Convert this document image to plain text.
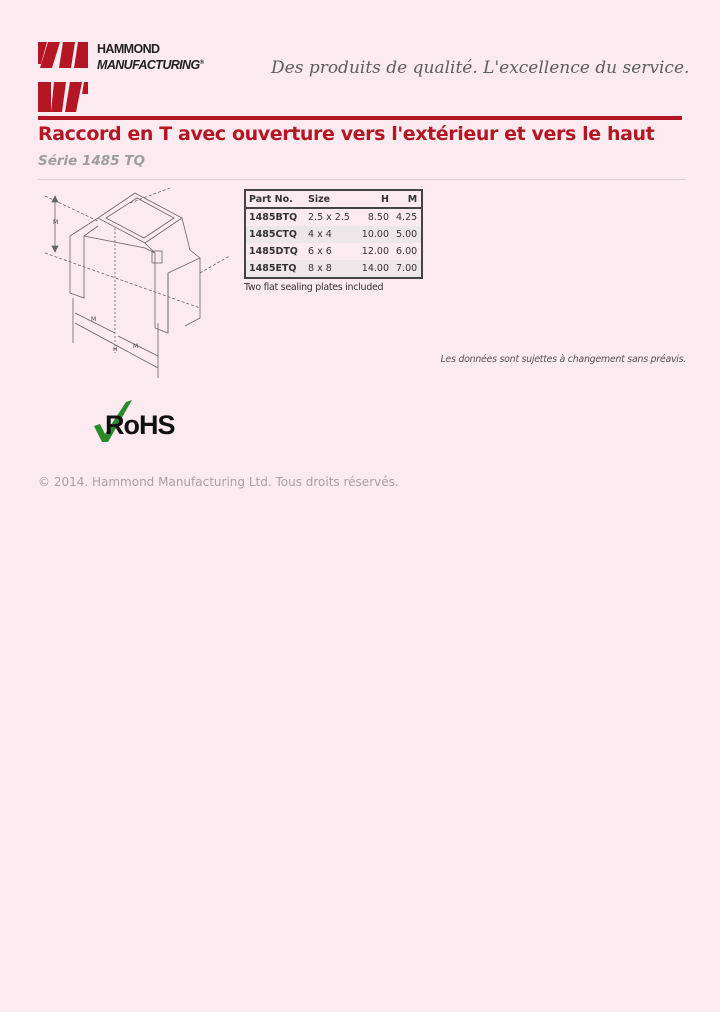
HAMMOND
MANUFACTURING®	Des produits de qualité. L'excellence du service.
Raccord en T avec ouverture vers l'extérieur et vers le haut
Série 1485 TQ
M
M
H	M
Part No.	Size	H	M
1485BTQ	2.5 x 2.5	8.50	4.25
1485CTQ	4 x 4	10.00	5.00
1485DTQ	6 x 6	12.00	6.00
1485ETQ	8 x 8	14.00	7.00
Two flat sealing plates included
Les données sont sujettes à changement sans préavis.
RoHS
© 2014. Hammond Manufacturing Ltd. Tous droits réservés.
